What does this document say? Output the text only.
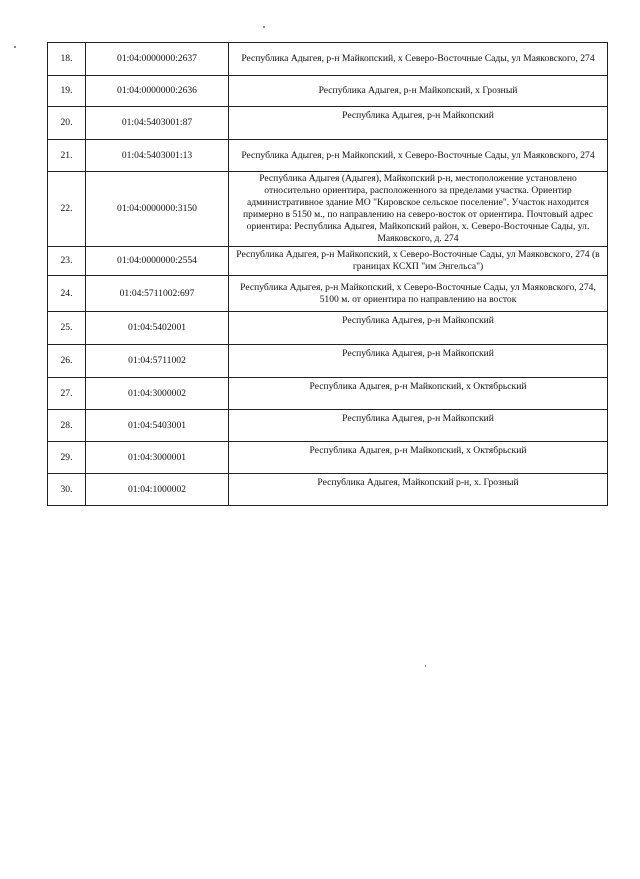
18.	01:04:0000000:2637	Республика Адыгея, р-н Майкопский, х Северо-Восточные Сады, ул Маяковского, 274
19.	01:04:0000000:2636	Республика Адыгея, р-н Майкопский, х Грозный
20.	01:04:5403001:87	Республика Адыгея, р-н Майкопский
21.	01:04:5403001:13	Республика Адыгея, р-н Майкопский, х Северо-Восточные Сады, ул Маяковского, 274
22.	01:04:0000000:3150	Республика Адыгея (Адыгея), Майкопский р-н, местоположение установлено относительно ориентира, расположенного за пределами участка. Ориентир административное здание МО "Кировское сельское поселение". Участок находится примерно в 5150 м., по направлению на северо-восток от ориентира. Почтовый адрес ориентира: Республика Адыгея, Майкопский район, х. Северо-Восточные Сады, ул. Маяковского, д. 274
23.	01:04:0000000:2554	Республика Адыгея, р-н Майкопский, х Северо-Восточные Сады, ул Маяковского, 274 (в границах КСХП "им Энгельса")
24.	01:04:5711002:697	Республика Адыгея, р-н Майкопский, х Северо-Восточные Сады, ул Маяковского, 274, 5100 м. от ориентира по направлению на восток
25.	01:04:5402001	Республика Адыгея, р-н Майкопский
26.	01:04:5711002	Республика Адыгея, р-н Майкопский
27.	01:04:3000002	Республика Адыгея, р-н Майкопский, х Октябрьский
28.	01:04:5403001	Республика Адыгея, р-н Майкопский
29.	01:04:3000001	Республика Адыгея, р-н Майкопский, х Октябрьский
30.	01:04:1000002	Республика Адыгея, Майкопский р-н, х. Грозный
